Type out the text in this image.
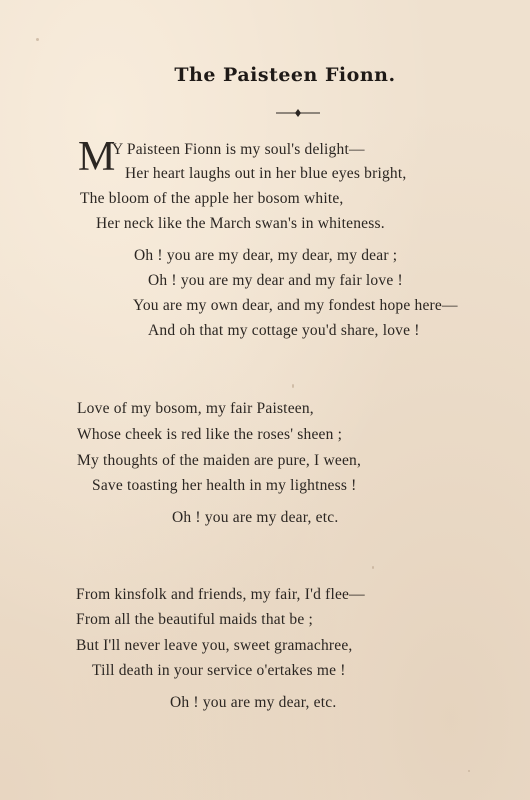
The Paisteen Fionn.
M
Y Paisteen Fionn is my soul's delight—
Her heart laughs out in her blue eyes bright,
The bloom of the apple her bosom white,
Her neck like the March swan's in whiteness.
Oh ! you are my dear, my dear, my dear ;
Oh ! you are my dear and my fair love !
You are my own dear, and my fondest hope here—
And oh that my cottage you'd share, love !
Love of my bosom, my fair Paisteen,
Whose cheek is red like the roses' sheen ;
My thoughts of the maiden are pure, I ween,
Save toasting her health in my lightness !
Oh ! you are my dear, etc.
From kinsfolk and friends, my fair, I'd flee—
From all the beautiful maids that be ;
But I'll never leave you, sweet gramachree,
Till death in your service o'ertakes me !
Oh ! you are my dear, etc.
